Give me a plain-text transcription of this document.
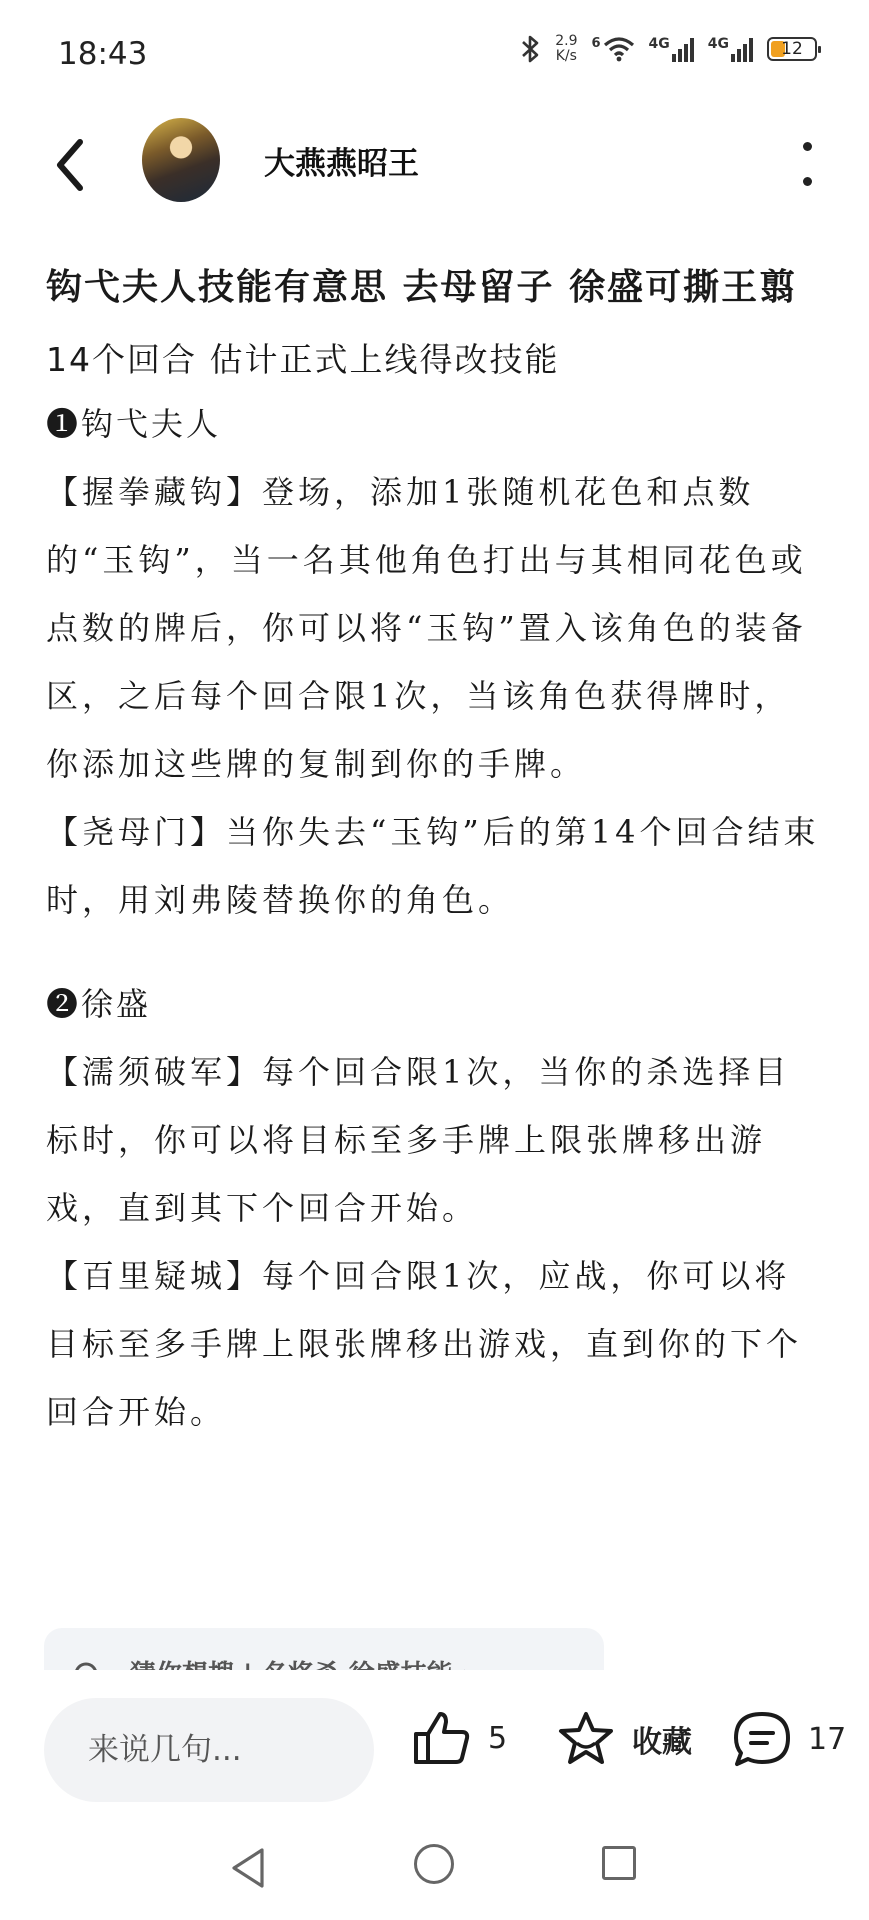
18:43	2.9
K/s
6	4G	4G	12
大燕燕昭王
钩弋夫人技能有意思 去母留子 徐盛可撕王翦
14个回合 估计正式上线得改技能

❶钩弋夫人

【握拳藏钩】登场，添加1张随机花色和点数的“玉钩”，当一名其他角色打出与其相同花色或点数的牌后，你可以将“玉钩”置入该角色的装备区，之后每个回合限1次，当该角色获得牌时，你添加这些牌的复制到你的手牌。

【尧母门】当你失去“玉钩”后的第14个回合结束时，用刘弗陵替换你的角色。

❷徐盛

【濡须破军】每个回合限1次，当你的杀选择目标时，你可以将目标至多手牌上限张牌移出游戏，直到其下个回合开始。

【百里疑城】每个回合限1次，应战，你可以将目标至多手牌上限张牌移出游戏，直到你的下个回合开始。

来说几句...	5	收藏	17
